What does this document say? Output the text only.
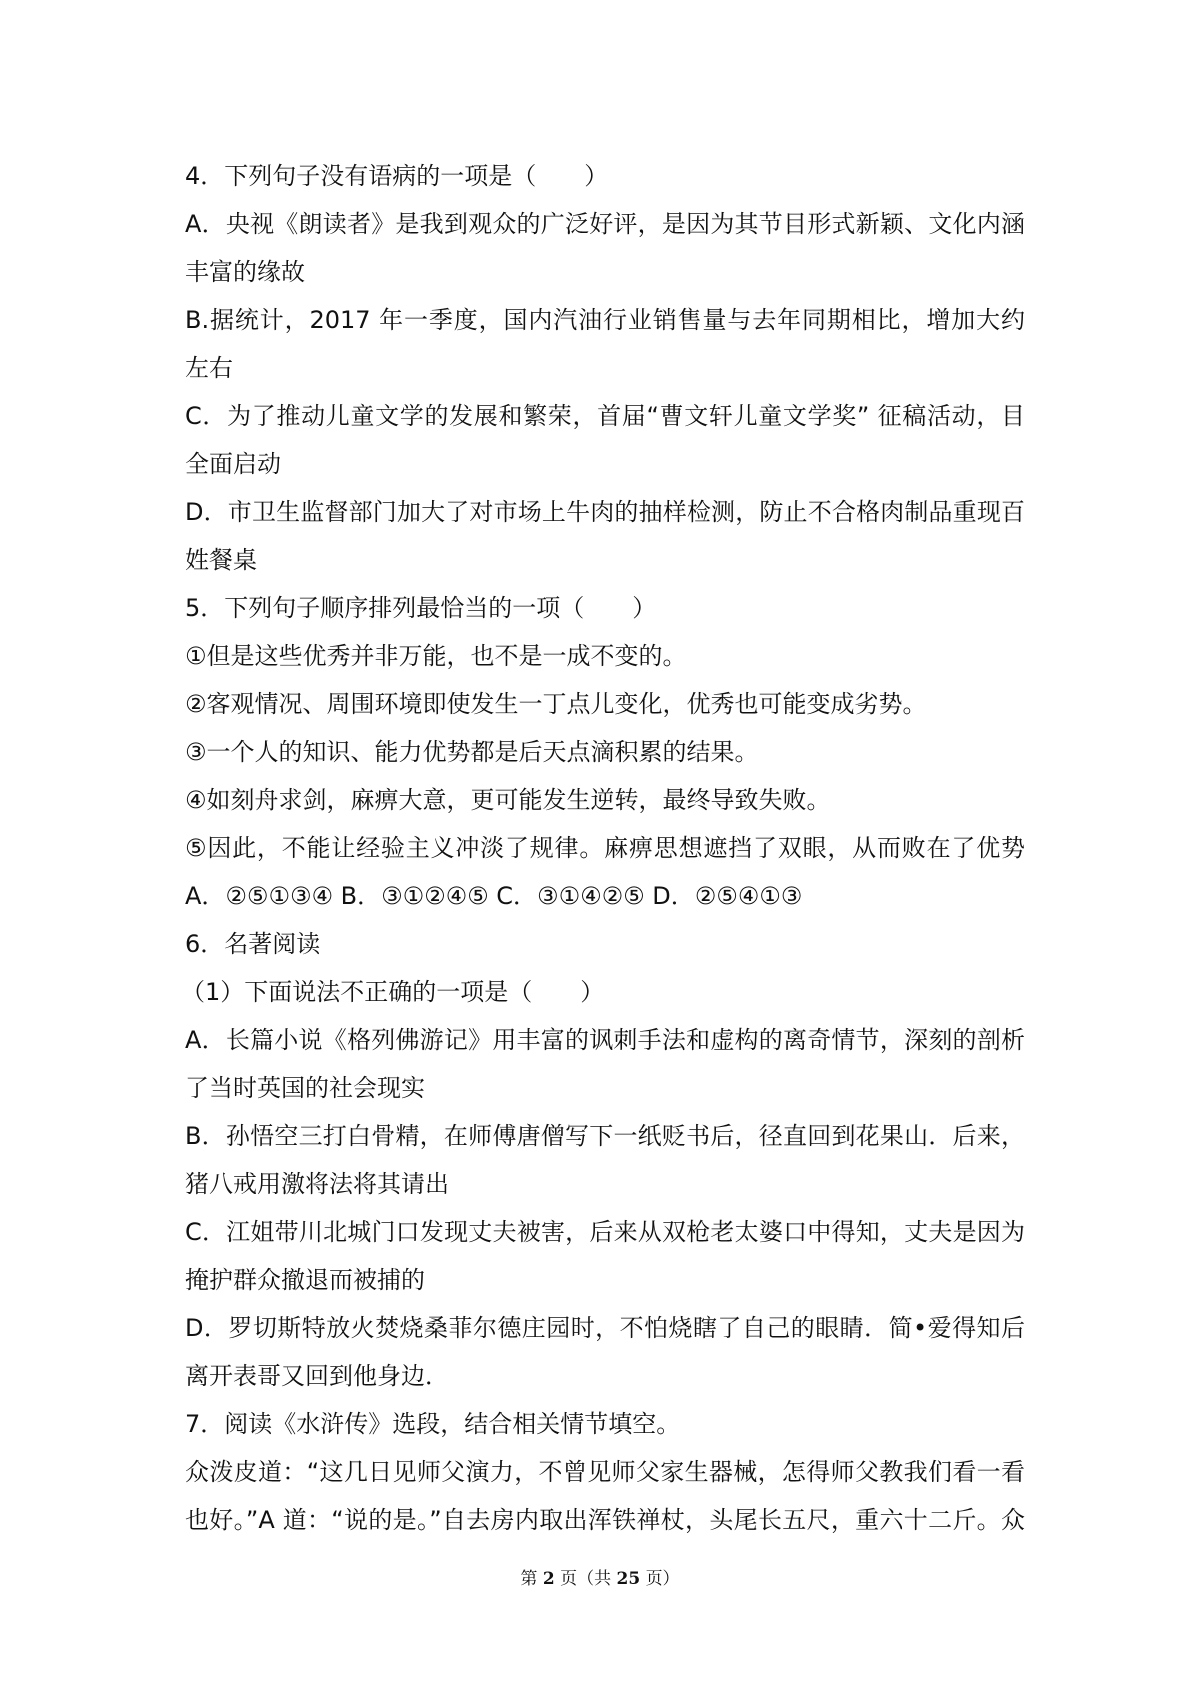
4．下列句子没有语病的一项是（　　）
A．央视《朗读者》是我到观众的广泛好评，是因为其节目形式新颖、文化内涵
丰富的缘故
B.据统计，2017 年一季度，国内汽油行业销售量与去年同期相比，增加大约
左右
C．为了推动儿童文学的发展和繁荣，首届“曹文轩儿童文学奖” 征稿活动，目
全面启动
D．市卫生监督部门加大了对市场上牛肉的抽样检测，防止不合格肉制品重现百
姓餐桌
5．下列句子顺序排列最恰当的一项（　　）
①但是这些优秀并非万能，也不是一成不变的。
②客观情况、周围环境即使发生一丁点儿变化，优秀也可能变成劣势。
③一个人的知识、能力优势都是后天点滴积累的结果。
④如刻舟求剑，麻痹大意，更可能发生逆转，最终导致失败。
⑤因此，不能让经验主义冲淡了规律。麻痹思想遮挡了双眼，从而败在了优势
A．②⑤①③④ B．③①②④⑤ C．③①④②⑤ D．②⑤④①③
6．名著阅读
（1）下面说法不正确的一项是（　　）
A．长篇小说《格列佛游记》用丰富的讽刺手法和虚构的离奇情节，深刻的剖析
了当时英国的社会现实
B．孙悟空三打白骨精，在师傅唐僧写下一纸贬书后，径直回到花果山．后来，
猪八戒用激将法将其请出
C．江姐带川北城门口发现丈夫被害，后来从双枪老太婆口中得知，丈夫是因为
掩护群众撤退而被捕的
D．罗切斯特放火焚烧桑菲尔德庄园时，不怕烧瞎了自己的眼睛．简•爱得知后
离开表哥又回到他身边．
7．阅读《水浒传》选段，结合相关情节填空。
众泼皮道：“这几日见师父演力，不曾见师父家生器械，怎得师父教我们看一看
也好。”A 道：“说的是。”自去房内取出浑铁禅杖，头尾长五尺，重六十二斤。众
第 2 页（共 25 页）
